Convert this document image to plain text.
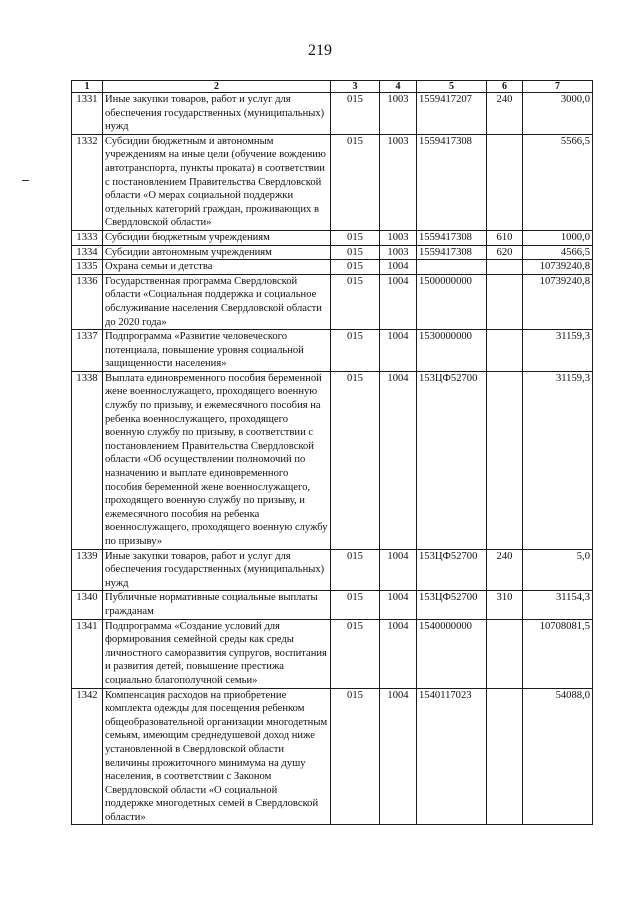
219
1	2	3	4	5	6	7
1331	Иные закупки товаров, работ и услуг для обеспечения государственных (муниципальных) нужд	015	1003	1559417207	240	3000,0
1332	Субсидии бюджетным и автономным учреждениям на иные цели (обучение вождению автотранспорта, пункты проката) в соответствии с постановлением Правительства Свердловской области «О мерах социальной поддержки отдельных категорий граждан, проживающих в Свердловской области»	015	1003	1559417308		5566,5
1333	Субсидии бюджетным учреждениям	015	1003	1559417308	610	1000,0
1334	Субсидии автономным учреждениям	015	1003	1559417308	620	4566,5
1335	Охрана семьи и детства	015	1004			10739240,8
1336	Государственная программа Свердловской области «Социальная поддержка и социальное обслуживание населения Свердловской области до 2020 года»	015	1004	1500000000		10739240,8
1337	Подпрограмма «Развитие человеческого потенциала, повышение уровня социальной защищенности населения»	015	1004	1530000000		31159,3
1338	Выплата единовременного пособия беременной жене военнослужащего, проходящего военную службу по призыву, и ежемесячного пособия на ребенка военнослужащего, проходящего военную службу по призыву, в соответствии с постановлением Правительства Свердловской области «Об осуществлении полномочий по назначению и выплате единовременного пособия беременной жене военнослужащего, проходящего военную службу по призыву, и ежемесячного пособия на ребенка военнослужащего, проходящего военную службу по призыву»	015	1004	153ЦФ52700		31159,3
1339	Иные закупки товаров, работ и услуг для обеспечения государственных (муниципальных) нужд	015	1004	153ЦФ52700	240	5,0
1340	Публичные нормативные социальные выплаты гражданам	015	1004	153ЦФ52700	310	31154,3
1341	Подпрограмма «Создание условий для формирования семейной среды как среды личностного саморазвития супругов, воспитания и развития детей, повышение престижа социально благополучной семьи»	015	1004	1540000000		10708081,5
1342	Компенсация расходов на приобретение комплекта одежды для посещения ребенком общеобразовательной организации многодетным семьям, имеющим среднедушевой доход ниже установленной в Свердловской области величины прожиточного минимума на душу населения, в соответствии с Законом Свердловской области «О социальной поддержке многодетных семей в Свердловской области»	015	1004	1540117023		54088,0
